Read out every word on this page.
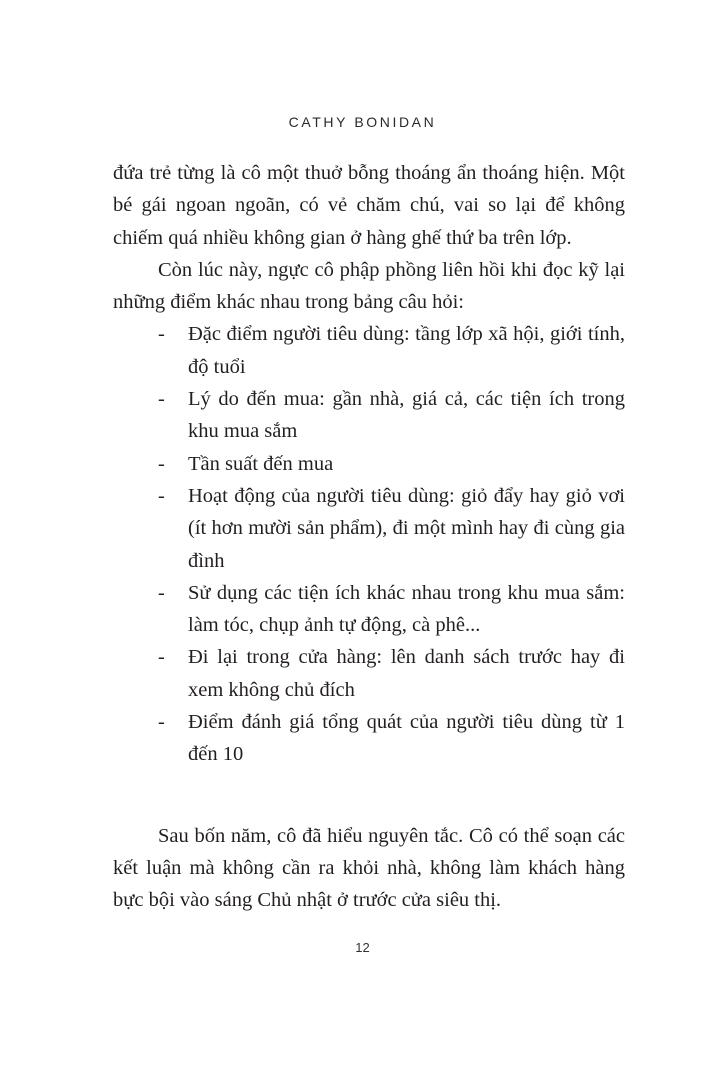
CATHY BONIDAN

đứa trẻ từng là cô một thuở bỗng thoáng ẩn thoáng hiện. Một bé gái ngoan ngoãn, có vẻ chăm chú, vai so lại để không chiếm quá nhiều không gian ở hàng ghế thứ ba trên lớp.

Còn lúc này, ngực cô phập phồng liên hồi khi đọc kỹ lại những điểm khác nhau trong bảng câu hỏi:

- Đặc điểm người tiêu dùng: tầng lớp xã hội, giới tính, độ tuổi
- Lý do đến mua: gần nhà, giá cả, các tiện ích trong khu mua sắm
- Tần suất đến mua
- Hoạt động của người tiêu dùng: giỏ đẩy hay giỏ vơi (ít hơn mười sản phẩm), đi một mình hay đi cùng gia đình
- Sử dụng các tiện ích khác nhau trong khu mua sắm: làm tóc, chụp ảnh tự động, cà phê...
- Đi lại trong cửa hàng: lên danh sách trước hay đi xem không chủ đích
- Điểm đánh giá tổng quát của người tiêu dùng từ 1 đến 10

Sau bốn năm, cô đã hiểu nguyên tắc. Cô có thể soạn các kết luận mà không cần ra khỏi nhà, không làm khách hàng bực bội vào sáng Chủ nhật ở trước cửa siêu thị.

12
